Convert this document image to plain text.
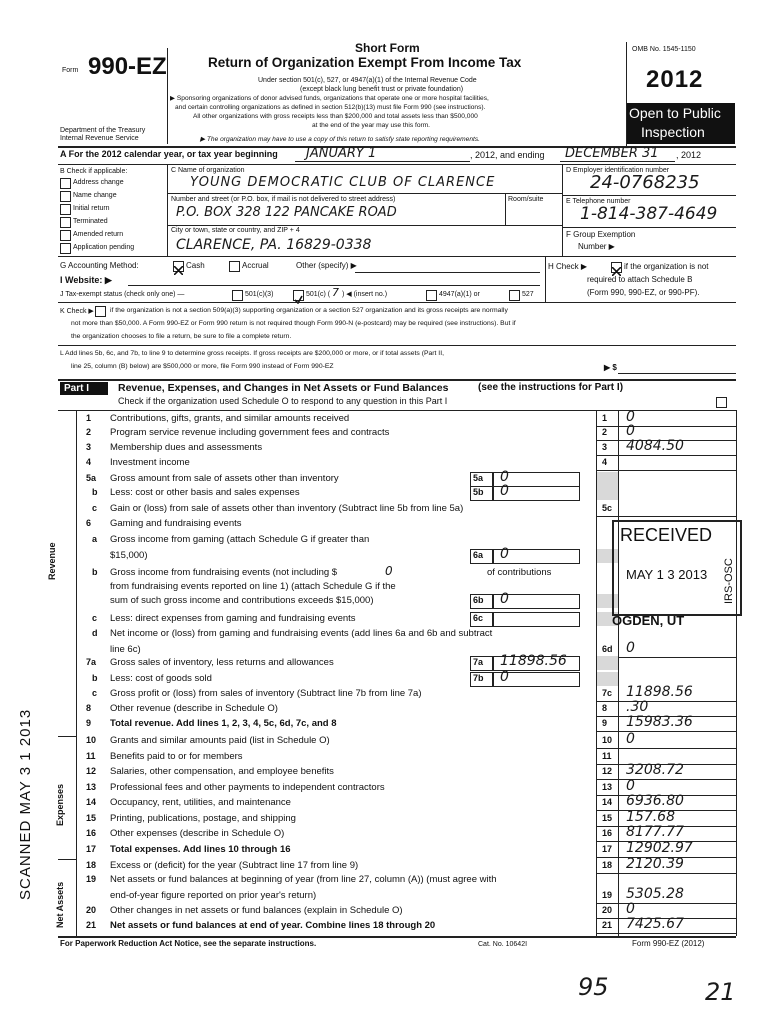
Form 990-EZ
Department of the Treasury
Internal Revenue Service
Short Form
Return of Organization Exempt From Income Tax
Under section 501(c), 527, or 4947(a)(1) of the Internal Revenue Code
(except black lung benefit trust or private foundation)
▶ Sponsoring organizations of donor advised funds, organizations that operate one or more hospital facilities,
and certain controlling organizations as defined in section 512(b)(13) must file Form 990 (see instructions).
All other organizations with gross receipts less than $200,000 and total assets less than $500,000
at the end of the year may use this form.
▶ The organization may have to use a copy of this return to satisfy state reporting requirements.
OMB No. 1545-1150
2012
Open to Public
Inspection
A For the 2012 calendar year, or tax year beginning JANUARY 1	, 2012, and ending DECEMBER 31 , 2012
B Check if applicable:
Address change
Name change
Initial return
Terminated
Amended return
Application pending
C Name of organization
YOUNG DEMOCRATIC CLUB OF CLARENCE
Number and street (or P.O. box, if mail is not delivered to street address)	Room/suite
P.O. BOX 328 122 PANCAKE ROAD
City or town, state or country, and ZIP + 4
CLARENCE, PA. 16829-0338
D Employer identification number
24-0768235
E Telephone number
1-814-387-4649
F Group Exemption
Number ▶
G Accounting Method:	Cash	Accrual	Other (specify) ▶	H Check ▶	if the organization is not
required to attach Schedule B
(Form 990, 990-EZ, or 990-PF).
I Website: ▶
J Tax-exempt status (check only one) —	501(c)(3)	501(c) ( 7 ) ◀ (insert no.)	4947(a)(1) or	527
K Check ▶ if the organization is not a section 509(a)(3) supporting organization or a section 527 organization and its gross receipts are normally
not more than $50,000. A Form 990-EZ or Form 990 return is not required though Form 990-N (e-postcard) may be required (see instructions). But if
the organization chooses to file a return, be sure to file a complete return.
L Add lines 5b, 6c, and 7b, to line 9 to determine gross receipts. If gross receipts are $200,000 or more, or if total assets (Part II,
line 25, column (B) below) are $500,000 or more, file Form 990 instead of Form 990-EZ	▶ $
Part I	Revenue, Expenses, and Changes in Net Assets or Fund Balances	(see the instructions for Part I)
Check if the organization used Schedule O to respond to any question in this Part I
Revenue
Expenses
Net Assets
1 Contributions, gifts, grants, and similar amounts received	1 0
2 Program service revenue including government fees and contracts	2 0
3 Membership dues and assessments	3 4084.50
4 Investment income	4
5a Gross amount from sale of assets other than inventory	5a 0
b Less: cost or other basis and sales expenses	5b 0
c Gain or (loss) from sale of assets other than inventory (Subtract line 5b from line 5a)	5c
6 Gaming and fundraising events
a Gross income from gaming (attach Schedule G if greater than
$15,000)	6a 0
b Gross income from fundraising events (not including $	0	of contributions
from fundraising events reported on line 1) (attach Schedule G if the
sum of such gross income and contributions exceeds $15,000)	6b 0
c Less: direct expenses from gaming and fundraising events	6c
d Net income or (loss) from gaming and fundraising events (add lines 6a and 6b and subtract
line 6c)	6d 0
7a Gross sales of inventory, less returns and allowances	7a 11898.56
b Less: cost of goods sold	7b 0
c Gross profit or (loss) from sales of inventory (Subtract line 7b from line 7a)	7c 11898.56
8 Other revenue (describe in Schedule O)	8 .30
9 Total revenue. Add lines 1, 2, 3, 4, 5c, 6d, 7c, and 8	9 15983.36
10 Grants and similar amounts paid (list in Schedule O)	10 0
11 Benefits paid to or for members	11
12 Salaries, other compensation, and employee benefits	12 3208.72
13 Professional fees and other payments to independent contractors	13 0
14 Occupancy, rent, utilities, and maintenance	14 6936.80
15 Printing, publications, postage, and shipping	15 157.68
16 Other expenses (describe in Schedule O)	16 8177.77
17 Total expenses. Add lines 10 through 16	17 12902.97
18 Excess or (deficit) for the year (Subtract line 17 from line 9)	18 2120.39
19 Net assets or fund balances at beginning of year (from line 27, column (A)) (must agree with
end-of-year figure reported on prior year's return)	19 5305.28
20 Other changes in net assets or fund balances (explain in Schedule O)	20 0
21 Net assets or fund balances at end of year. Combine lines 18 through 20	21 7425.67
For Paperwork Reduction Act Notice, see the separate instructions.	Cat. No. 10642I	Form 990-EZ (2012)
RECEIVED
MAY 1 3 2013 IRS-OSC
OGDEN, UT
SCANNED MAY 3 1 2013
95	21
